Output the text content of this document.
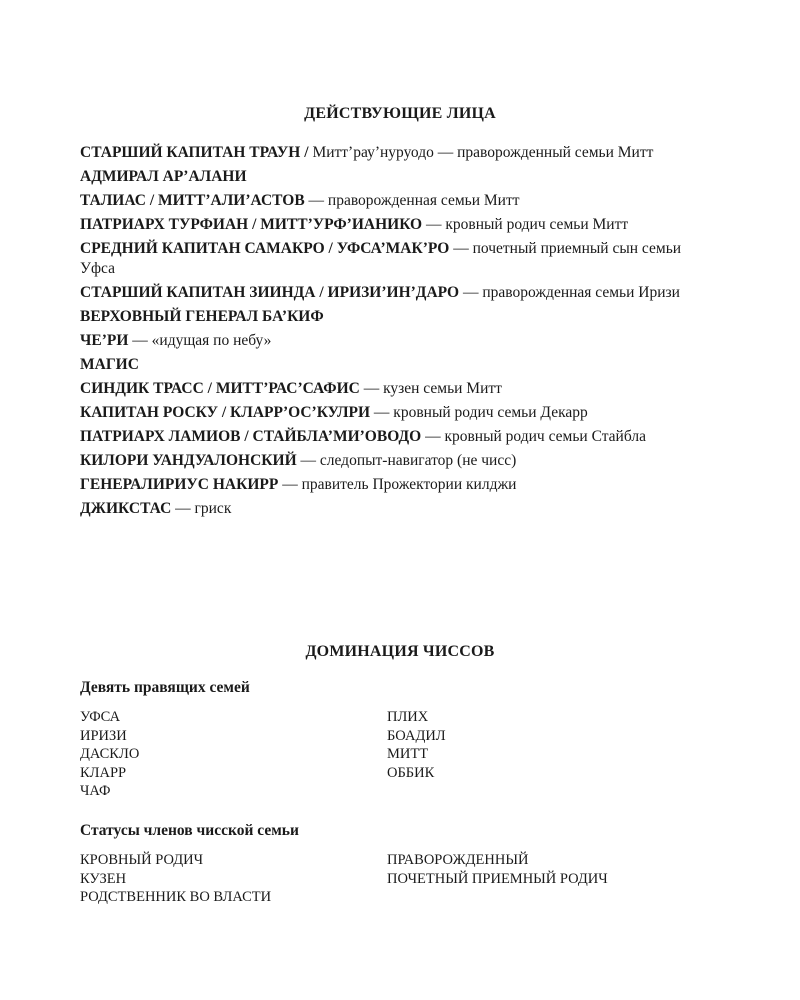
ДЕЙСТВУЮЩИЕ ЛИЦА
СТАРШИЙ КАПИТАН ТРАУН / Митт’рау’нуруодо — праворожденный семьи Митт
АДМИРАЛ АР’АЛАНИ
ТАЛИАС / МИТТ’АЛИ’АСТОВ — праворожденная семьи Митт
ПАТРИАРХ ТУРФИАН / МИТТ’УРФ’ИАНИКО — кровный родич семьи Митт
СРЕДНИЙ КАПИТАН САМАКРО / УФСА’МАК’РО — почетный приемный сын семьи Уфса
СТАРШИЙ КАПИТАН ЗИИНДА / ИРИЗИ’ИН’ДАРО — праворожденная семьи Иризи
ВЕРХОВНЫЙ ГЕНЕРАЛ БА’КИФ
ЧЕ’РИ — «идущая по небу»
МАГИС
СИНДИК ТРАСС / МИТТ’РАС’САФИС — кузен семьи Митт
КАПИТАН РОСКУ / КЛАРР’ОС’КУЛРИ — кровный родич семьи Декарр
ПАТРИАРХ ЛАМИОВ / СТАЙБЛА’МИ’ОВОДО — кровный родич семьи Стайбла
КИЛОРИ УАНДУАЛОНСКИЙ — следопыт-навигатор (не чисс)
ГЕНЕРАЛИРИУС НАКИРР — правитель Прожектории килджи
ДЖИКСТАС — гриск
ДОМИНАЦИЯ ЧИССОВ
Девять правящих семей
УФСА
ИРИЗИ
ДАСКЛО
КЛАРР
ЧАФ
ПЛИХ
БОАДИЛ
МИТТ
ОББИК
Статусы членов чисской семьи
КРОВНЫЙ РОДИЧ
КУЗЕН
РОДСТВЕННИК ВО ВЛАСТИ
ПРАВОРОЖДЕННЫЙ
ПОЧЕТНЫЙ ПРИЕМНЫЙ РОДИЧ
